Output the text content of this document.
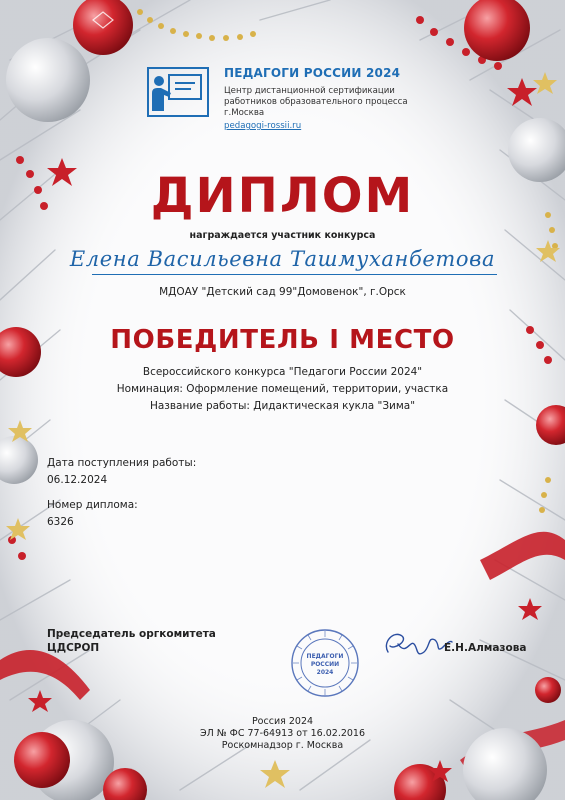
ПЕДАГОГИ РОССИИ 2024
Центр дистанционной сертификации
работников образовательного процесса
г.Москва
pedagogi-rossii.ru
ДИПЛОМ
награждается участник конкурса
Елена Васильевна Ташмуханбетова
МДОАУ "Детский сад 99"Домовенок", г.Орск
ПОБЕДИТЕЛЬ I МЕСТО
Всероссийского конкурса "Педагоги России 2024"
Номинация: Оформление помещений, территории, участка
Название работы: Дидактическая кукла "Зима"
Дата поступления работы:
06.12.2024
Номер диплома:
6326
Председатель оргкомитета
ЦДСРОП
ПЕДАГОГИ
РОССИИ
2024
Е.Н.Алмазова
Россия 2024
ЭЛ № ФС 77-64913 от 16.02.2016
Роскомнадзор г. Москва
